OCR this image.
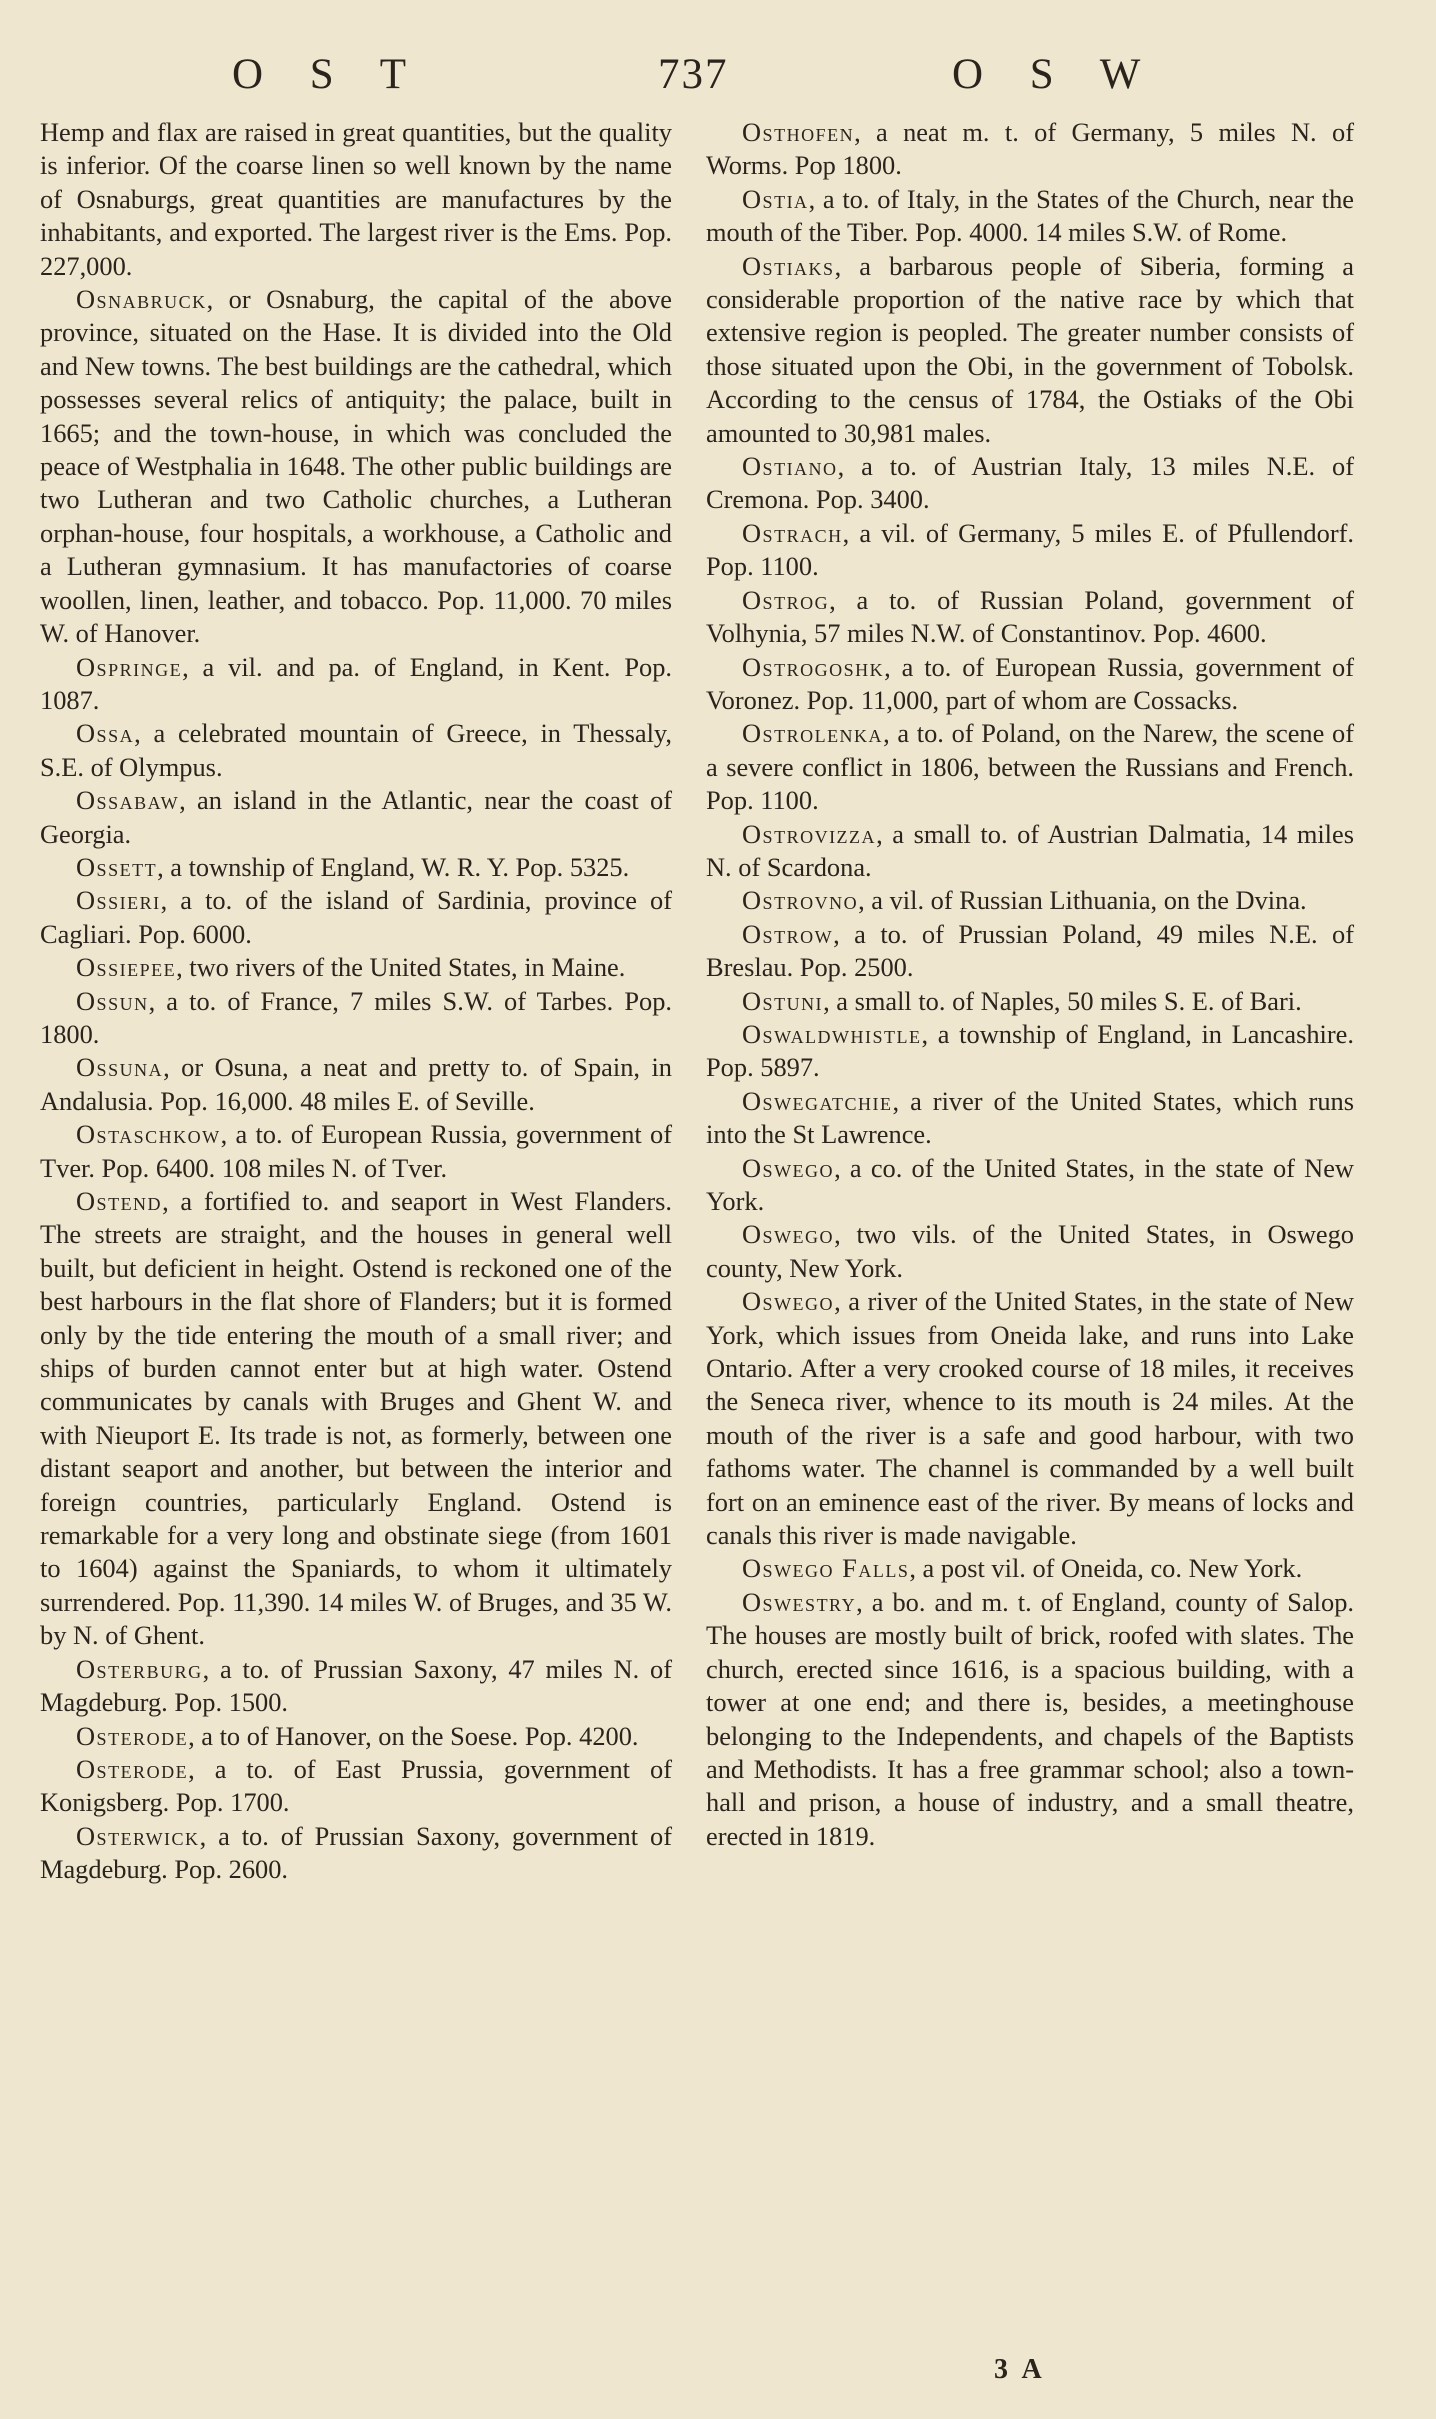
O S T	737	O S W

Hemp and flax are raised in great quantities, but the quality is inferior. Of the coarse linen so well known by the name of Osnaburgs, great quantities are manufactures by the inhabitants, and exported. The largest river is the Ems. Pop. 227,000.

Osnabruck, or Osnaburg, the capital of the above province, situated on the Hase. It is divided into the Old and New towns. The best buildings are the cathedral, which possesses several relics of antiquity; the palace, built in 1665; and the town-house, in which was concluded the peace of Westphalia in 1648. The other public buildings are two Lutheran and two Catholic churches, a Lutheran orphan-house, four hospitals, a workhouse, a Catholic and a Lutheran gymnasium. It has manufactories of coarse woollen, linen, leather, and tobacco. Pop. 11,000. 70 miles W. of Hanover.

Ospringe, a vil. and pa. of England, in Kent. Pop. 1087.

Ossa, a celebrated mountain of Greece, in Thessaly, S.E. of Olympus.

Ossabaw, an island in the Atlantic, near the coast of Georgia.

Ossett, a township of England, W. R. Y. Pop. 5325.

Ossieri, a to. of the island of Sardinia, province of Cagliari. Pop. 6000.

Ossiepee, two rivers of the United States, in Maine.

Ossun, a to. of France, 7 miles S.W. of Tarbes. Pop. 1800.

Ossuna, or Osuna, a neat and pretty to. of Spain, in Andalusia. Pop. 16,000. 48 miles E. of Seville.

Ostaschkow, a to. of European Russia, government of Tver. Pop. 6400. 108 miles N. of Tver.

Ostend, a fortified to. and seaport in West Flanders. The streets are straight, and the houses in general well built, but deficient in height. Ostend is reckoned one of the best harbours in the flat shore of Flanders; but it is formed only by the tide entering the mouth of a small river; and ships of burden cannot enter but at high water. Ostend communicates by canals with Bruges and Ghent W. and with Nieuport E. Its trade is not, as formerly, between one distant seaport and another, but between the interior and foreign countries, particularly England. Ostend is remarkable for a very long and obstinate siege (from 1601 to 1604) against the Spaniards, to whom it ultimately surrendered. Pop. 11,390. 14 miles W. of Bruges, and 35 W. by N. of Ghent.

Osterburg, a to. of Prussian Saxony, 47 miles N. of Magdeburg. Pop. 1500.

Osterode, a to of Hanover, on the Soese. Pop. 4200.

Osterode, a to. of East Prussia, government of Konigsberg. Pop. 1700.

Osterwick, a to. of Prussian Saxony, government of Magdeburg. Pop. 2600.

Osthofen, a neat m. t. of Germany, 5 miles N. of Worms. Pop 1800.

Ostia, a to. of Italy, in the States of the Church, near the mouth of the Tiber. Pop. 4000. 14 miles S.W. of Rome.

Ostiaks, a barbarous people of Siberia, forming a considerable proportion of the native race by which that extensive region is peopled. The greater number consists of those situated upon the Obi, in the government of Tobolsk. According to the census of 1784, the Ostiaks of the Obi amounted to 30,981 males.

Ostiano, a to. of Austrian Italy, 13 miles N.E. of Cremona. Pop. 3400.

Ostrach, a vil. of Germany, 5 miles E. of Pfullendorf. Pop. 1100.

Ostrog, a to. of Russian Poland, government of Volhynia, 57 miles N.W. of Constantinov. Pop. 4600.

Ostrogoshk, a to. of European Russia, government of Voronez. Pop. 11,000, part of whom are Cossacks.

Ostrolenka, a to. of Poland, on the Narew, the scene of a severe conflict in 1806, between the Russians and French. Pop. 1100.

Ostrovizza, a small to. of Austrian Dalmatia, 14 miles N. of Scardona.

Ostrovno, a vil. of Russian Lithuania, on the Dvina.

Ostrow, a to. of Prussian Poland, 49 miles N.E. of Breslau. Pop. 2500.

Ostuni, a small to. of Naples, 50 miles S. E. of Bari.

Oswaldwhistle, a township of England, in Lancashire. Pop. 5897.

Oswegatchie, a river of the United States, which runs into the St Lawrence.

Oswego, a co. of the United States, in the state of New York.

Oswego, two vils. of the United States, in Oswego county, New York.

Oswego, a river of the United States, in the state of New York, which issues from Oneida lake, and runs into Lake Ontario. After a very crooked course of 18 miles, it receives the Seneca river, whence to its mouth is 24 miles. At the mouth of the river is a safe and good harbour, with two fathoms water. The channel is commanded by a well built fort on an eminence east of the river. By means of locks and canals this river is made navigable.

Oswego Falls, a post vil. of Oneida, co. New York.

Oswestry, a bo. and m. t. of England, county of Salop. The houses are mostly built of brick, roofed with slates. The church, erected since 1616, is a spacious building, with a tower at one end; and there is, besides, a meetinghouse belonging to the Independents, and chapels of the Baptists and Methodists. It has a free grammar school; also a town-hall and prison, a house of industry, and a small theatre, erected in 1819.

3 A
